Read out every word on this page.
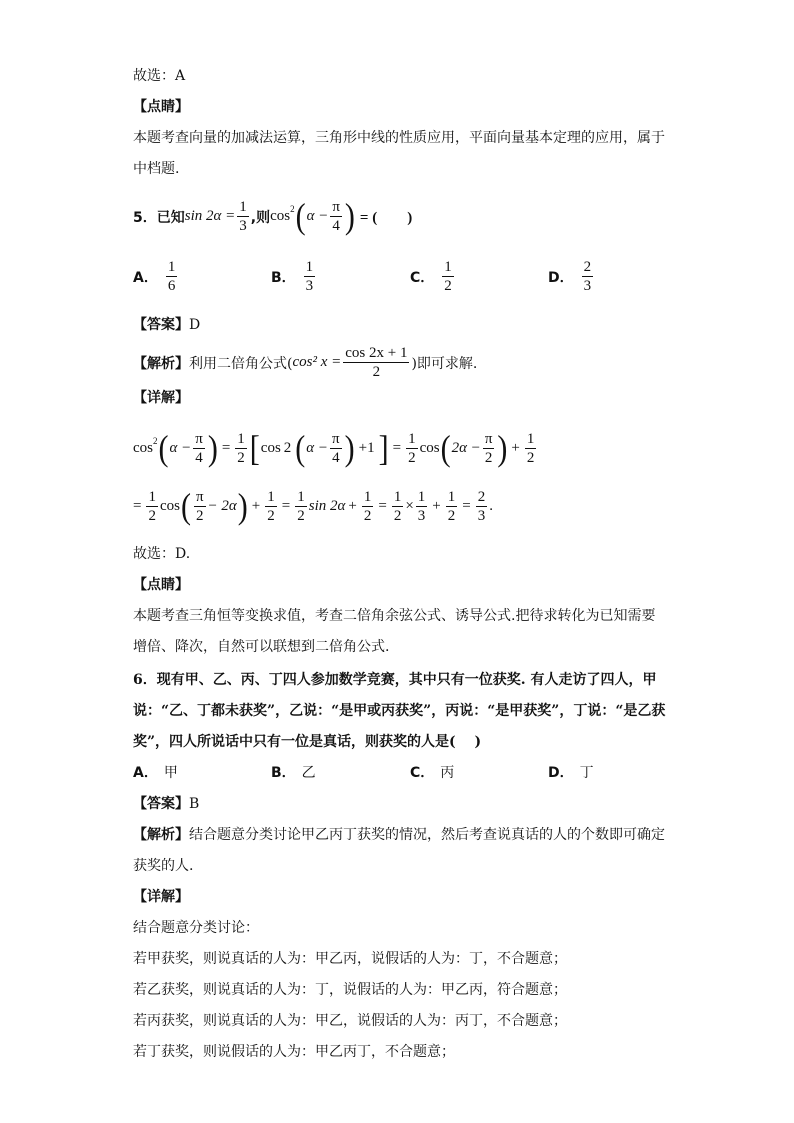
故选：A
【点睛】
本题考查向量的加减法运算，三角形中线的性质应用，平面向量基本定理的应用，属于
中档题.
5．已知 $\sin 2\alpha = \frac{1}{3}$ ,则 cos 2 ( $\alpha - \frac{\pi}{4}$ ) = (　　)
A． $\frac{1}{6}$	B． $\frac{1}{3}$	C． $\frac{1}{2}$	D． $\frac{2}{3}$
【答案】D
【解析】 利用二倍角公式( cos² $x = \frac{\cos 2x + 1}{2}$ )即可求解.
【详解】
cos 2 ( $\alpha - \frac{\pi}{4}$ ) = $\frac{1}{2}$ [ cos 2 ( $\alpha - \frac{\pi}{4}$ ) +1 ] = $\frac{1}{2}$ cos ( $2\alpha - \frac{\pi}{2}$ ) + $\frac{1}{2}$
= $\frac{1}{2}$ cos ( $\frac{\pi}{2} - 2\alpha$ ) + $\frac{1}{2} = \frac{1}{2}$ $\sin 2\alpha + \frac{1}{2} = \frac{1}{2} \times \frac{1}{3} + \frac{1}{2} = \frac{2}{3}$ .
故选：D.
【点睛】
本题考查三角恒等变换求值，考查二倍角余弦公式、诱导公式.把待求转化为已知需要
增倍、降次，自然可以联想到二倍角公式.
6．现有甲、乙、丙、丁四人参加数学竞赛，其中只有一位获奖. 有人走访了四人，甲
说：“乙、丁都未获奖”，乙说：“是甲或丙获奖”，丙说：“是甲获奖”，丁说：“是乙获
奖”，四人所说话中只有一位是真话，则获奖的人是(　 )
A． 甲	B． 乙	C． 丙	D． 丁
【答案】B
【解析】结合题意分类讨论甲乙丙丁获奖的情况，然后考查说真话的人的个数即可确定
获奖的人.
【详解】
结合题意分类讨论：
若甲获奖，则说真话的人为：甲乙丙，说假话的人为：丁，不合题意；
若乙获奖，则说真话的人为：丁，说假话的人为：甲乙丙，符合题意；
若丙获奖，则说真话的人为：甲乙，说假话的人为：丙丁，不合题意；
若丁获奖，则说假话的人为：甲乙丙丁，不合题意；
